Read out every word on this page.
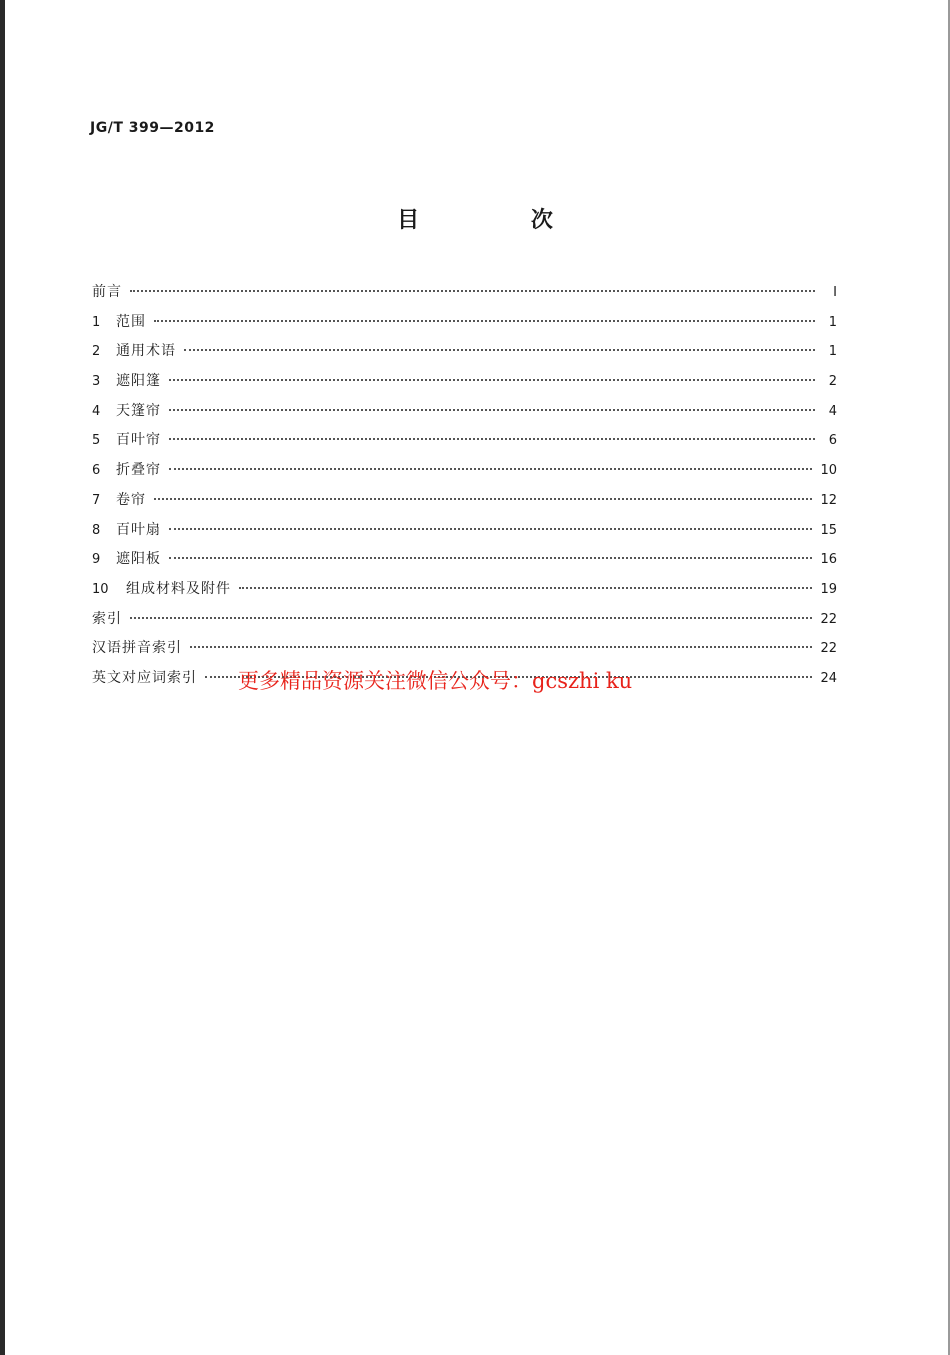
JG/T 399—2012
目 次
前言	I
1	范围	1
2	通用术语	1
3	遮阳篷	2
4	天篷帘	4
5	百叶帘	6
6	折叠帘	10
7	卷帘	12
8	百叶扇	15
9	遮阳板	16
10	组成材料及附件	19
索引	22
汉语拼音索引	22
英文对应词索引	24
更多精品资源关注微信公众号：gcszhi ku
